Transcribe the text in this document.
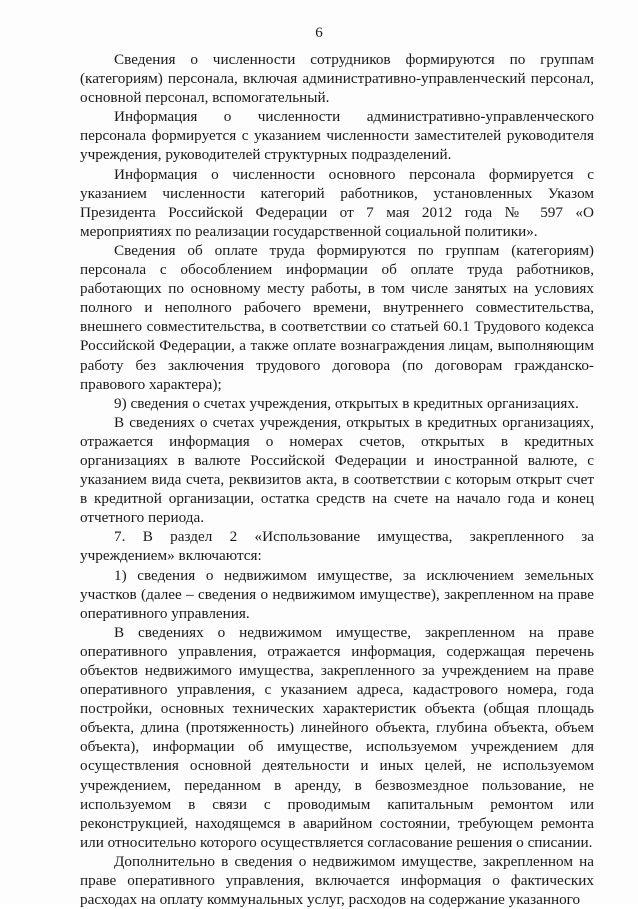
6

Сведения о численности сотрудников формируются по группам (категориям) персонала, включая административно-управленческий персонал, основной персонал, вспомогательный.

Информация о численности административно-управленческого персонала формируется с указанием численности заместителей руководителя учреждения, руководителей структурных подразделений.

Информация о численности основного персонала формируется с указанием численности категорий работников, установленных Указом Президента Российской Федерации от 7 мая 2012 года № 597 «О мероприятиях по реализации государственной социальной политики».

Сведения об оплате труда формируются по группам (категориям) персонала с обособлением информации об оплате труда работников, работающих по основному месту работы, в том числе занятых на условиях полного и неполного рабочего времени, внутреннего совместительства, внешнего совместительства, в соответствии со статьей 60.1 Трудового кодекса Российской Федерации, а также оплате вознаграждения лицам, выполняющим работу без заключения трудового договора (по договорам гражданско-правового характера);

9) сведения о счетах учреждения, открытых в кредитных организациях.

В сведениях о счетах учреждения, открытых в кредитных организациях, отражается информация о номерах счетов, открытых в кредитных организациях в валюте Российской Федерации и иностранной валюте, с указанием вида счета, реквизитов акта, в соответствии с которым открыт счет в кредитной организации, остатка средств на счете на начало года и конец отчетного периода.

7. В раздел 2 «Использование имущества, закрепленного за учреждением» включаются:

1) сведения о недвижимом имуществе, за исключением земельных участков (далее – сведения о недвижимом имуществе), закрепленном на праве оперативного управления.

В сведениях о недвижимом имуществе, закрепленном на праве оперативного управления, отражается информация, содержащая перечень объектов недвижимого имущества, закрепленного за учреждением на праве оперативного управления, с указанием адреса, кадастрового номера, года постройки, основных технических характеристик объекта (общая площадь объекта, длина (протяженность) линейного объекта, глубина объекта, объем объекта), информации об имуществе, используемом учреждением для осуществления основной деятельности и иных целей, не используемом учреждением, переданном в аренду, в безвозмездное пользование, не используемом в связи с проводимым капитальным ремонтом или реконструкцией, находящемся в аварийном состоянии, требующем ремонта или относительно которого осуществляется согласование решения о списании.

Дополнительно в сведения о недвижимом имуществе, закрепленном на праве оперативного управления, включается информация о фактических расходах на оплату коммунальных услуг, расходов на содержание указанного
